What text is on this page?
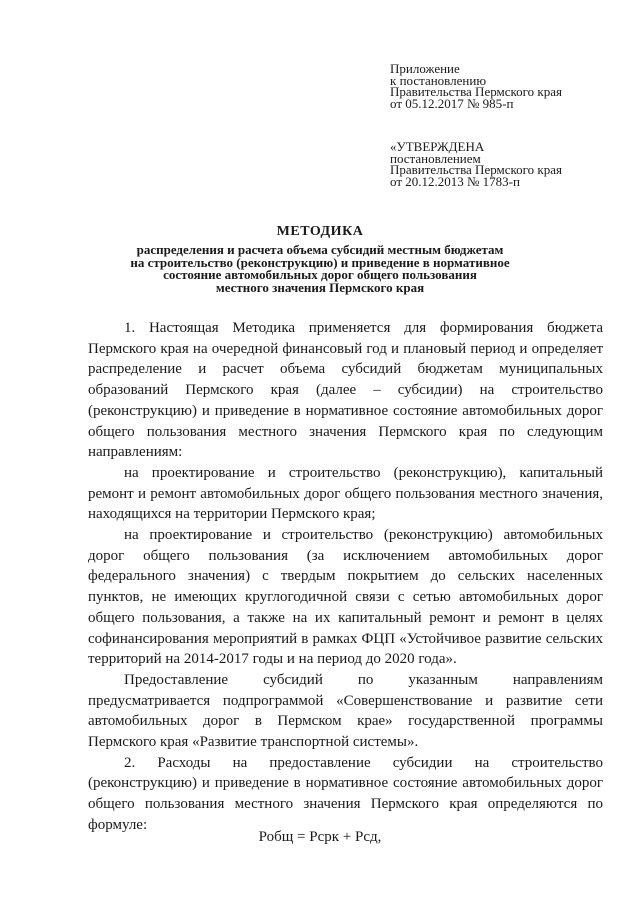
Приложение
к постановлению
Правительства Пермского края
от 05.12.2017 № 985-п
«УТВЕРЖДЕНА
постановлением
Правительства Пермского края
от 20.12.2013 № 1783-п
МЕТОДИКА
распределения и расчета объема субсидий местным бюджетам
на строительство (реконструкцию) и приведение в нормативное
состояние автомобильных дорог общего пользования
местного значения Пермского края
1. Настоящая Методика применяется для формирования бюджета Пермского края на очередной финансовый год и плановый период и определяет распределение и расчет объема субсидий бюджетам муниципальных образований Пермского края (далее – субсидии) на строительство (реконструкцию) и приведение в нормативное состояние автомобильных дорог общего пользования местного значения Пермского края по следующим направлениям:
на проектирование и строительство (реконструкцию), капитальный ремонт и ремонт автомобильных дорог общего пользования местного значения, находящихся на территории Пермского края;
на проектирование и строительство (реконструкцию) автомобильных дорог общего пользования (за исключением автомобильных дорог федерального значения) с твердым покрытием до сельских населенных пунктов, не имеющих круглогодичной связи с сетью автомобильных дорог общего пользования, а также на их капитальный ремонт и ремонт в целях софинансирования мероприятий в рамках ФЦП «Устойчивое развитие сельских территорий на 2014-2017 годы и на период до 2020 года».
Предоставление субсидий по указанным направлениям предусматривается подпрограммой «Совершенствование и развитие сети автомобильных дорог в Пермском крае» государственной программы Пермского края «Развитие транспортной системы».
2. Расходы на предоставление субсидии на строительство (реконструкцию) и приведение в нормативное состояние автомобильных дорог общего пользования местного значения Пермского края определяются по формуле:
Робщ = Рсрк + Рсд,
